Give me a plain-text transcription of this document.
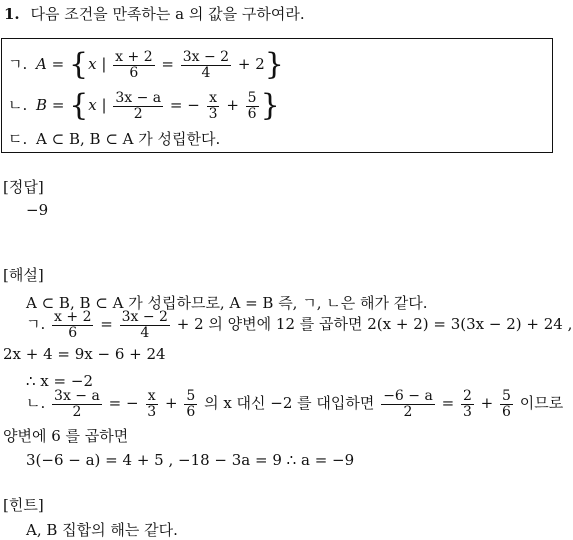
1. 다음 조건을 만족하는 a 의 값을 구하여라.
ㄱ. A = {x | $\frac{x + 2}{6} = \frac{3x - 2}{4} + 2$}
ㄴ. B = {x | $\frac{3x - a}{2}$ = − $\frac{x}{3} + \frac{5}{6}$ }
ㄷ. A ⊂ B, B ⊂ A 가 성립한다.
[정답]
−9
[해설]
A ⊂ B, B ⊂ A 가 성립하므로, A = B 즉, ㄱ, ㄴ은 해가 같다.
ㄱ. $\frac{x + 2}{6} = \frac{3x - 2}{4} + 2$ 의 양변에 12 를 곱하면 2(x + 2) = 3(3x − 2) + 24 ,
2x + 4 = 9x − 6 + 24
∴ x = −2
ㄴ. $\frac{3x - a}{2}$ = − $\frac{x}{3} + \frac{5}{6}$ 의 x 대신 −2 를 대입하면 $\frac{-6 - a}{2} = \frac{2}{3} + \frac{5}{6}$ 이므로
양변에 6 를 곱하면
3(−6 − a) = 4 + 5 , −18 − 3a = 9 ∴ a = −9
[힌트]
A, B 집합의 해는 같다.
